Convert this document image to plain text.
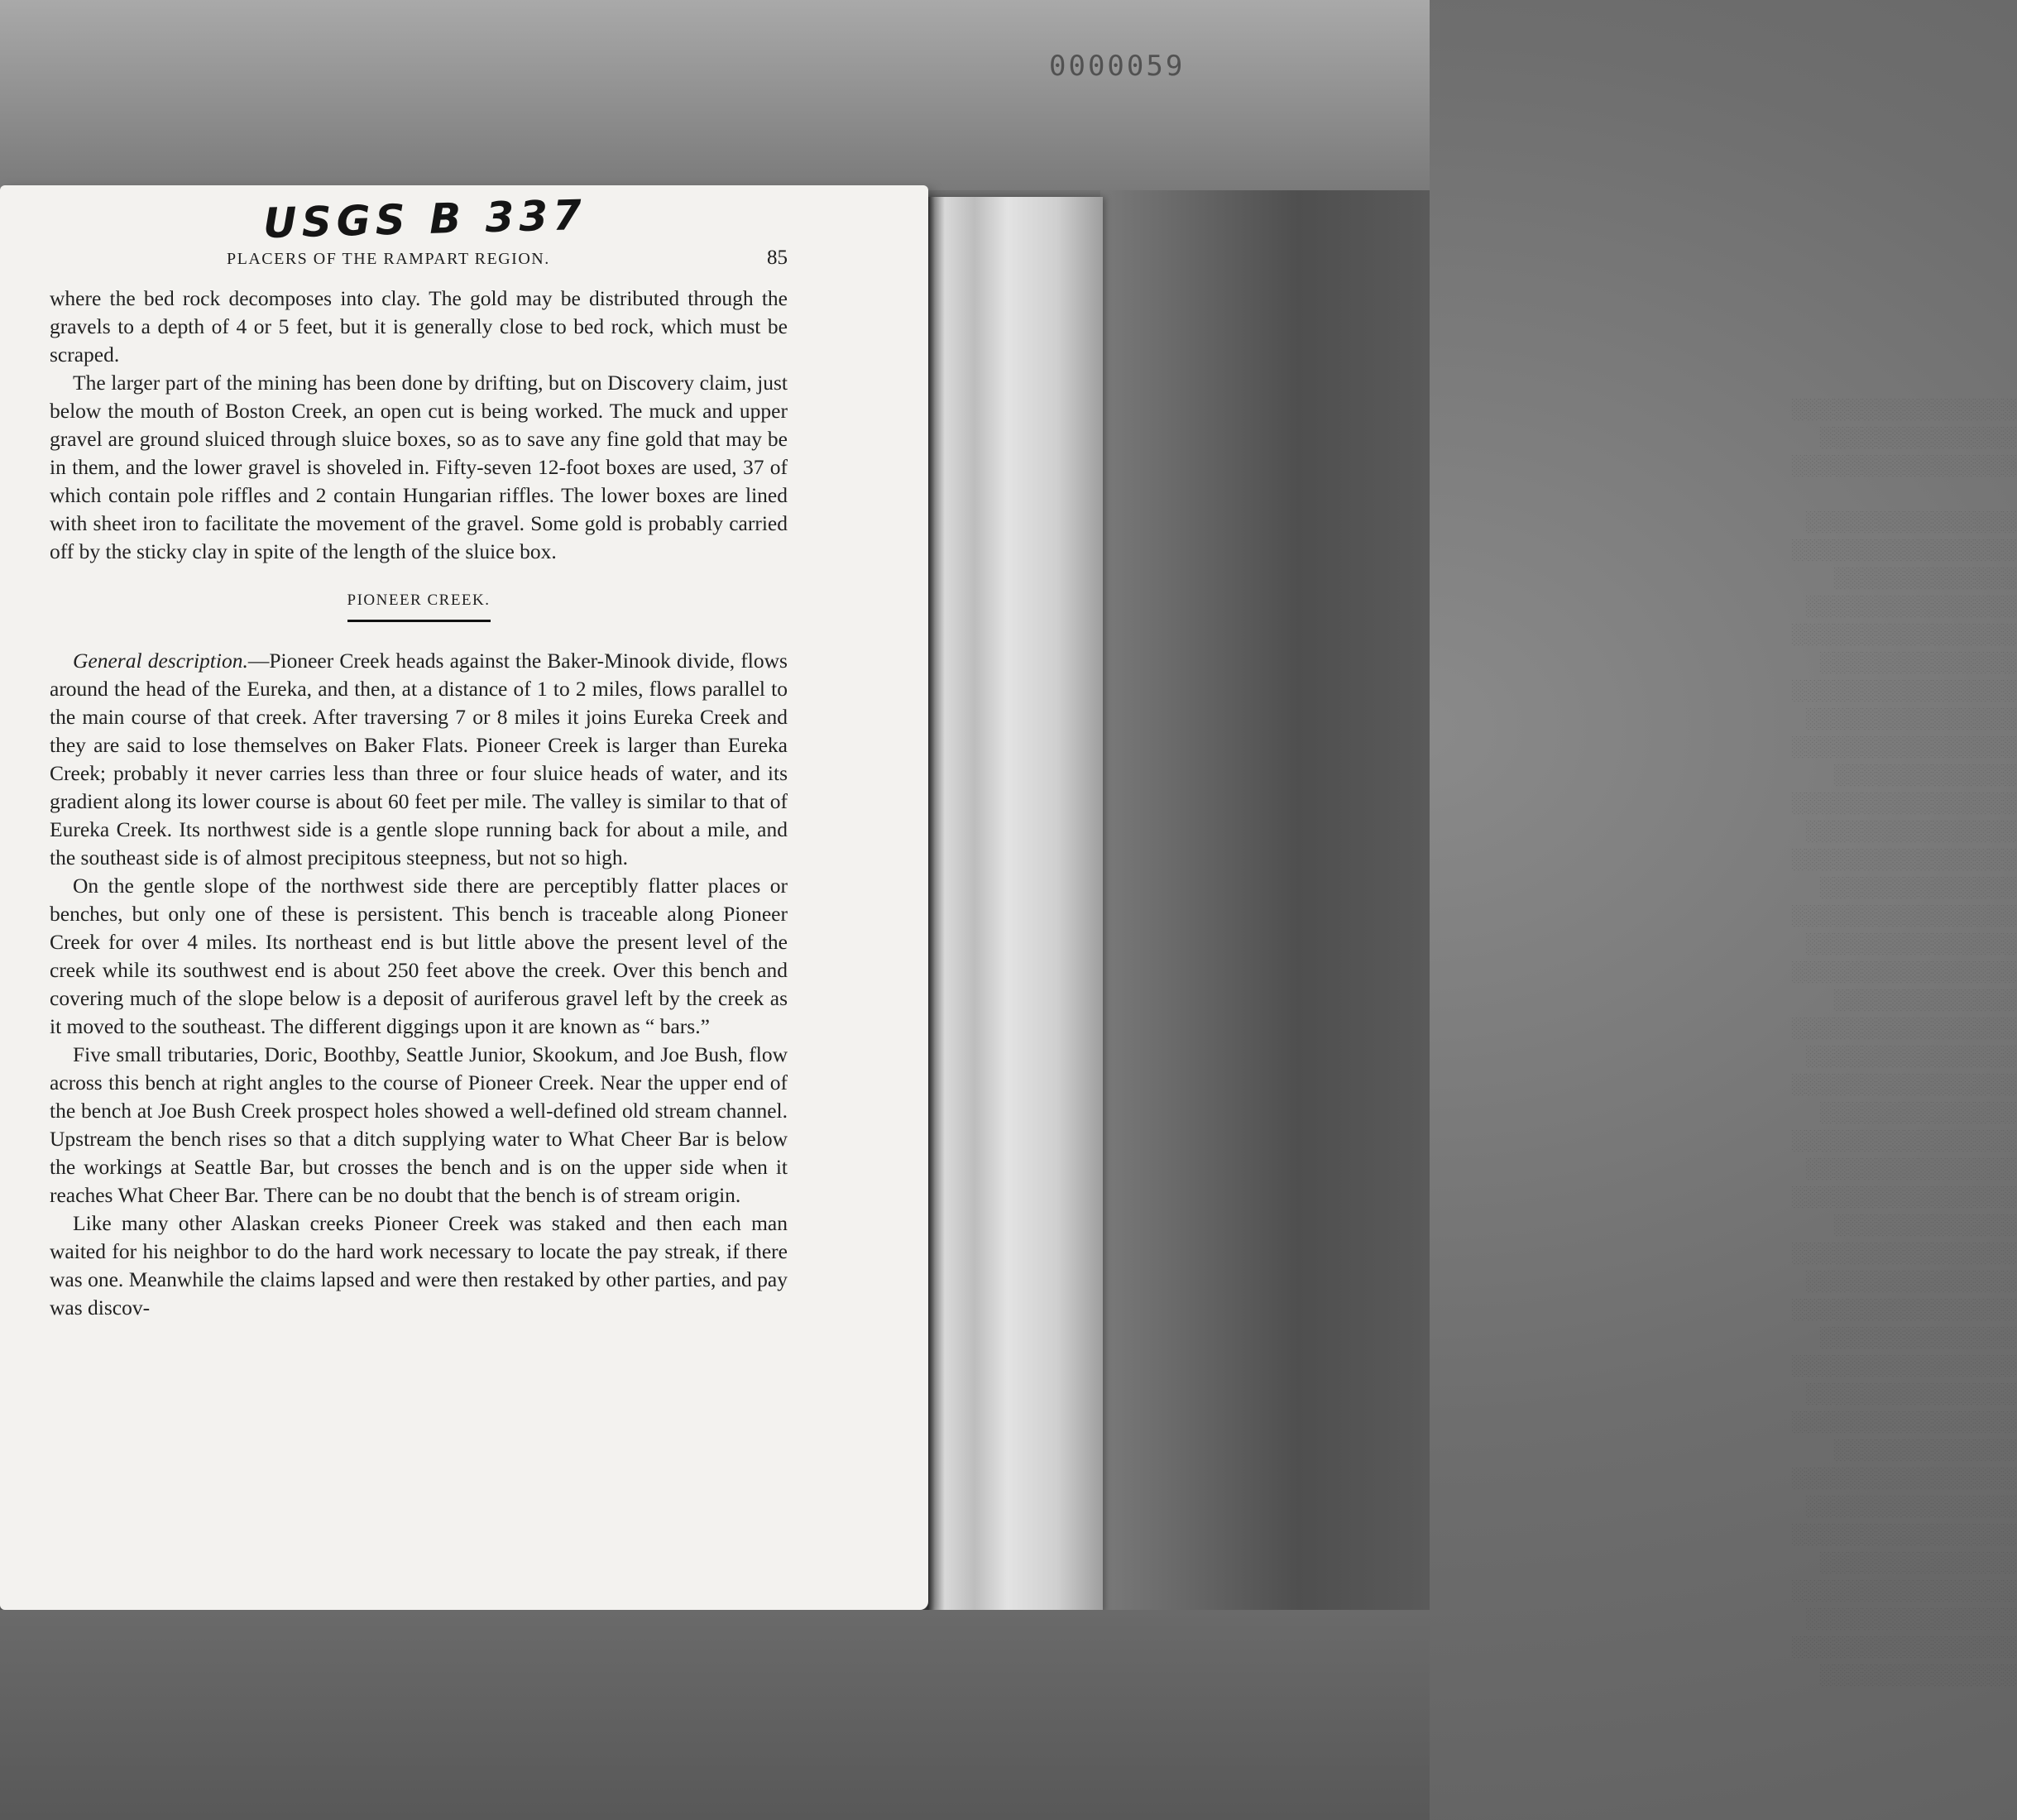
0000059
░░░░░░░░░░░░░░░░
░░░░░░░░░░░░░░
░░░░░░░░░░░░░░░░

░░░░░░░░░░░░░░░
░░░░░░░░░░░░░░░░
░░░░░░░░░░░░░
░░░░░░░░░░░░░░░
░░░░░░░░░░░░░░░░
░░░░░░░░░░░░░░
░░░░░░░░░░░░░░░░
░░░░░░░░░░░░░░░
░░░░░░░░░░░░░░░░
░░░░░░░░░░░░░
░░░░░░░░░░░░░░░░
░░░░░░░░░░░░░░░
░░░░░░░░░░░░░░░░
░░░░░░░░░░░░░░
░░░░░░░░░░░░░░░░
░░░░░░░░░░░░░░░
░░░░░░░░░░░░░░░░
░░░░░░░░░░░░░
░░░░░░░░░░░░░░░░
░░░░░░░░░░░░░░░
░░░░░░░░░░░░░░░░
░░░░░░░░░░░░░░
░░░░░░░░░░░░░░░░
░░░░░░░░░░░░░░░
░░░░░░░░░░░░░░░░
░░░░░░░░░░░░░
░░░░░░░░░░░░░░░░
░░░░░░░░░░░░░░░
░░░░░░░░░░░░░░░░
░░░░░░░░░░░░░░
░░░░░░░░░░░░░░░░
░░░░░░░░░░░░░░░
░░░░░░░░░░░░░░░░
░░░░░░░░░░░░░
░░░░░░░░░░░░░░░░
░░░░░░░░░░░░░░░
░░░░░░░░░░░░░░░░
░░░░░░░░░░░░░░
░░░░░░░░░░░░░░░░
░░░░░░░░░░░░░░░
░░░░░░░░░░░░░░░░
░░░░░░░░░░░░░░
USGS B 337
PLACERS OF THE RAMPART REGION.	85

where the bed rock decomposes into clay. The gold may be distributed through the gravels to a depth of 4 or 5 feet, but it is generally close to bed rock, which must be scraped.

The larger part of the mining has been done by drifting, but on Discovery claim, just below the mouth of Boston Creek, an open cut is being worked. The muck and upper gravel are ground sluiced through sluice boxes, so as to save any fine gold that may be in them, and the lower gravel is shoveled in. Fifty-seven 12-foot boxes are used, 37 of which contain pole riffles and 2 contain Hungarian riffles. The lower boxes are lined with sheet iron to facilitate the movement of the gravel. Some gold is probably carried off by the sticky clay in spite of the length of the sluice box.

PIONEER CREEK.

General description.—Pioneer Creek heads against the Baker-Minook divide, flows around the head of the Eureka, and then, at a distance of 1 to 2 miles, flows parallel to the main course of that creek. After traversing 7 or 8 miles it joins Eureka Creek and they are said to lose themselves on Baker Flats. Pioneer Creek is larger than Eureka Creek; probably it never carries less than three or four sluice heads of water, and its gradient along its lower course is about 60 feet per mile. The valley is similar to that of Eureka Creek. Its northwest side is a gentle slope running back for about a mile, and the southeast side is of almost precipitous steepness, but not so high.

On the gentle slope of the northwest side there are perceptibly flatter places or benches, but only one of these is persistent. This bench is traceable along Pioneer Creek for over 4 miles. Its northeast end is but little above the present level of the creek while its southwest end is about 250 feet above the creek. Over this bench and covering much of the slope below is a deposit of auriferous gravel left by the creek as it moved to the southeast. The different diggings upon it are known as “ bars.”

Five small tributaries, Doric, Boothby, Seattle Junior, Skookum, and Joe Bush, flow across this bench at right angles to the course of Pioneer Creek. Near the upper end of the bench at Joe Bush Creek prospect holes showed a well-defined old stream channel. Upstream the bench rises so that a ditch supplying water to What Cheer Bar is below the workings at Seattle Bar, but crosses the bench and is on the upper side when it reaches What Cheer Bar. There can be no doubt that the bench is of stream origin.

Like many other Alaskan creeks Pioneer Creek was staked and then each man waited for his neighbor to do the hard work necessary to locate the pay streak, if there was one. Meanwhile the claims lapsed and were then restaked by other parties, and pay was discov-
